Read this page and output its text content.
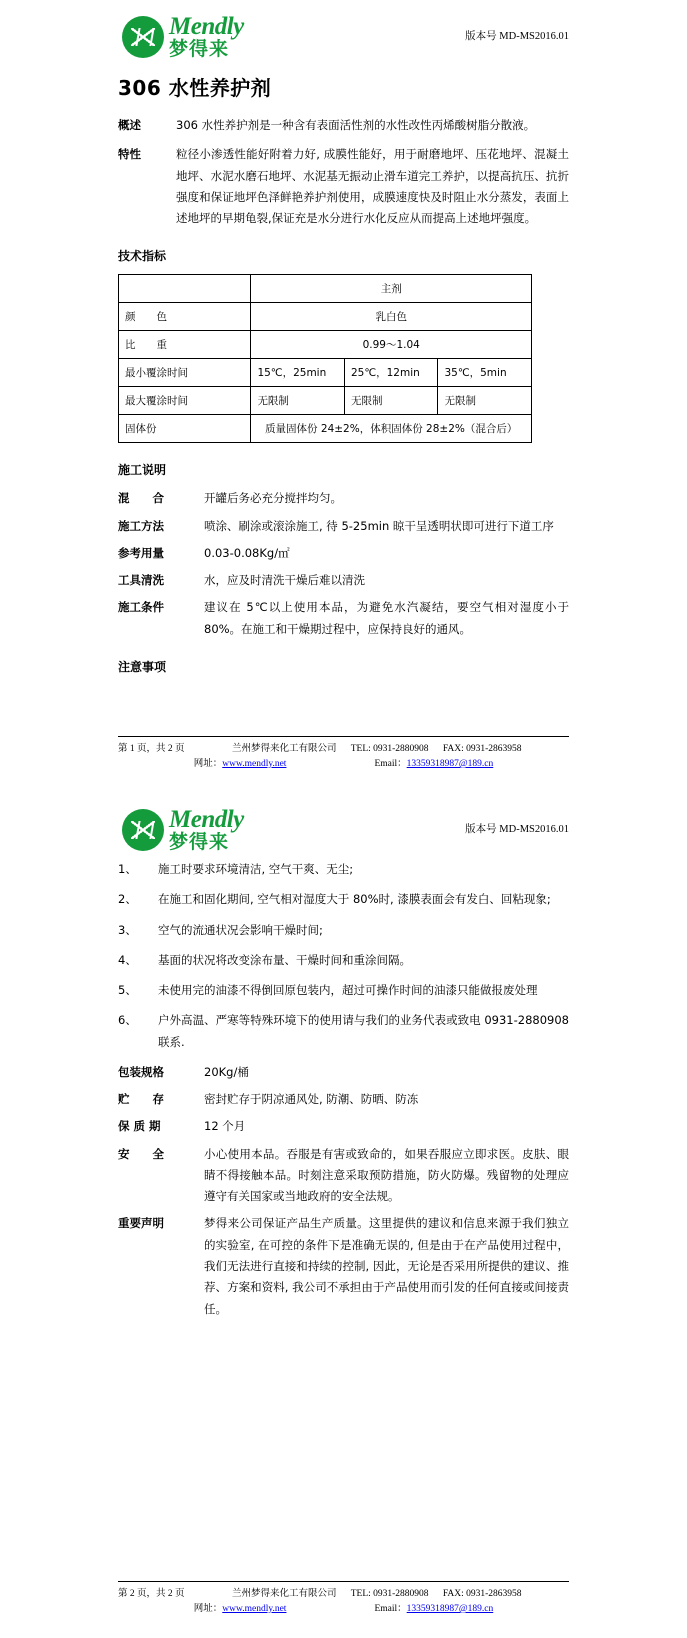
Mendly
梦得来
版本号 MD-MS2016.01
306 水性养护剂
概述	306 水性养护剂是一种含有表面活性剂的水性改性丙烯酸树脂分散液。
特性	粒径小渗透性能好附着力好, 成膜性能好，用于耐磨地坪、压花地坪、混凝土地坪、水泥水磨石地坪、水泥基无振动止滑车道完工养护，以提高抗压、抗折强度和保证地坪色泽鲜艳养护剂使用，成膜速度快及时阻止水分蒸发，表面上述地坪的早期龟裂,保证充是水分进行水化反应从而提高上述地坪强度。
技术指标
	主剂		
颜　　色	乳白色		
比　　重	0.99～1.04		
最小覆涂时间	15℃，25min	25℃，12min	35℃，5min
最大覆涂时间	无限制	无限制	无限制
固体份	质量固体份 24±2%，体积固体份 28±2%（混合后）		
施工说明
混　　合	开罐后务必充分搅拌均匀。
施工方法	喷涂、刷涂或滚涂施工, 待 5-25min 晾干呈透明状即可进行下道工序
参考用量	0.03-0.08Kg/㎡
工具清洗	水，应及时清洗干燥后难以清洗
施工条件	建议在 5℃以上使用本品，为避免水汽凝结，要空气相对湿度小于 80%。在施工和干燥期过程中，应保持良好的通风。
注意事项
第 1 页，共 2 页	兰州梦得来化工有限公司 TEL: 0931-2880908 FAX: 0931-2863958
网址：www.mendly.net	Email：13359318987@189.cn
Mendly
梦得来
版本号 MD-MS2016.01
1、	施工时要求环境清洁, 空气干爽、无尘;
2、	在施工和固化期间, 空气相对湿度大于 80%时, 漆膜表面会有发白、回粘现象;
3、	空气的流通状况会影响干燥时间;
4、	基面的状况将改变涂布量、干燥时间和重涂间隔。
5、	未使用完的油漆不得倒回原包装内，超过可操作时间的油漆只能做报废处理
6、	户外高温、严寒等特殊环境下的使用请与我们的业务代表或致电 0931-2880908 联系.
包装规格	20Kg/桶
贮　　存	密封贮存于阴凉通风处, 防潮、防晒、防冻
保 质 期	12 个月
安　　全	小心使用本品。吞服是有害或致命的，如果吞服应立即求医。皮肤、眼睛不得接触本品。时刻注意采取预防措施，防火防爆。残留物的处理应遵守有关国家或当地政府的安全法规。
重要声明	梦得来公司保证产品生产质量。这里提供的建议和信息来源于我们独立的实验室, 在可控的条件下是准确无误的, 但是由于在产品使用过程中，我们无法进行直接和持续的控制, 因此，无论是否采用所提供的建议、推荐、方案和资料, 我公司不承担由于产品使用而引发的任何直接或间接责任。
第 2 页，共 2 页	兰州梦得来化工有限公司 TEL: 0931-2880908 FAX: 0931-2863958
网址：www.mendly.net	Email：13359318987@189.cn
